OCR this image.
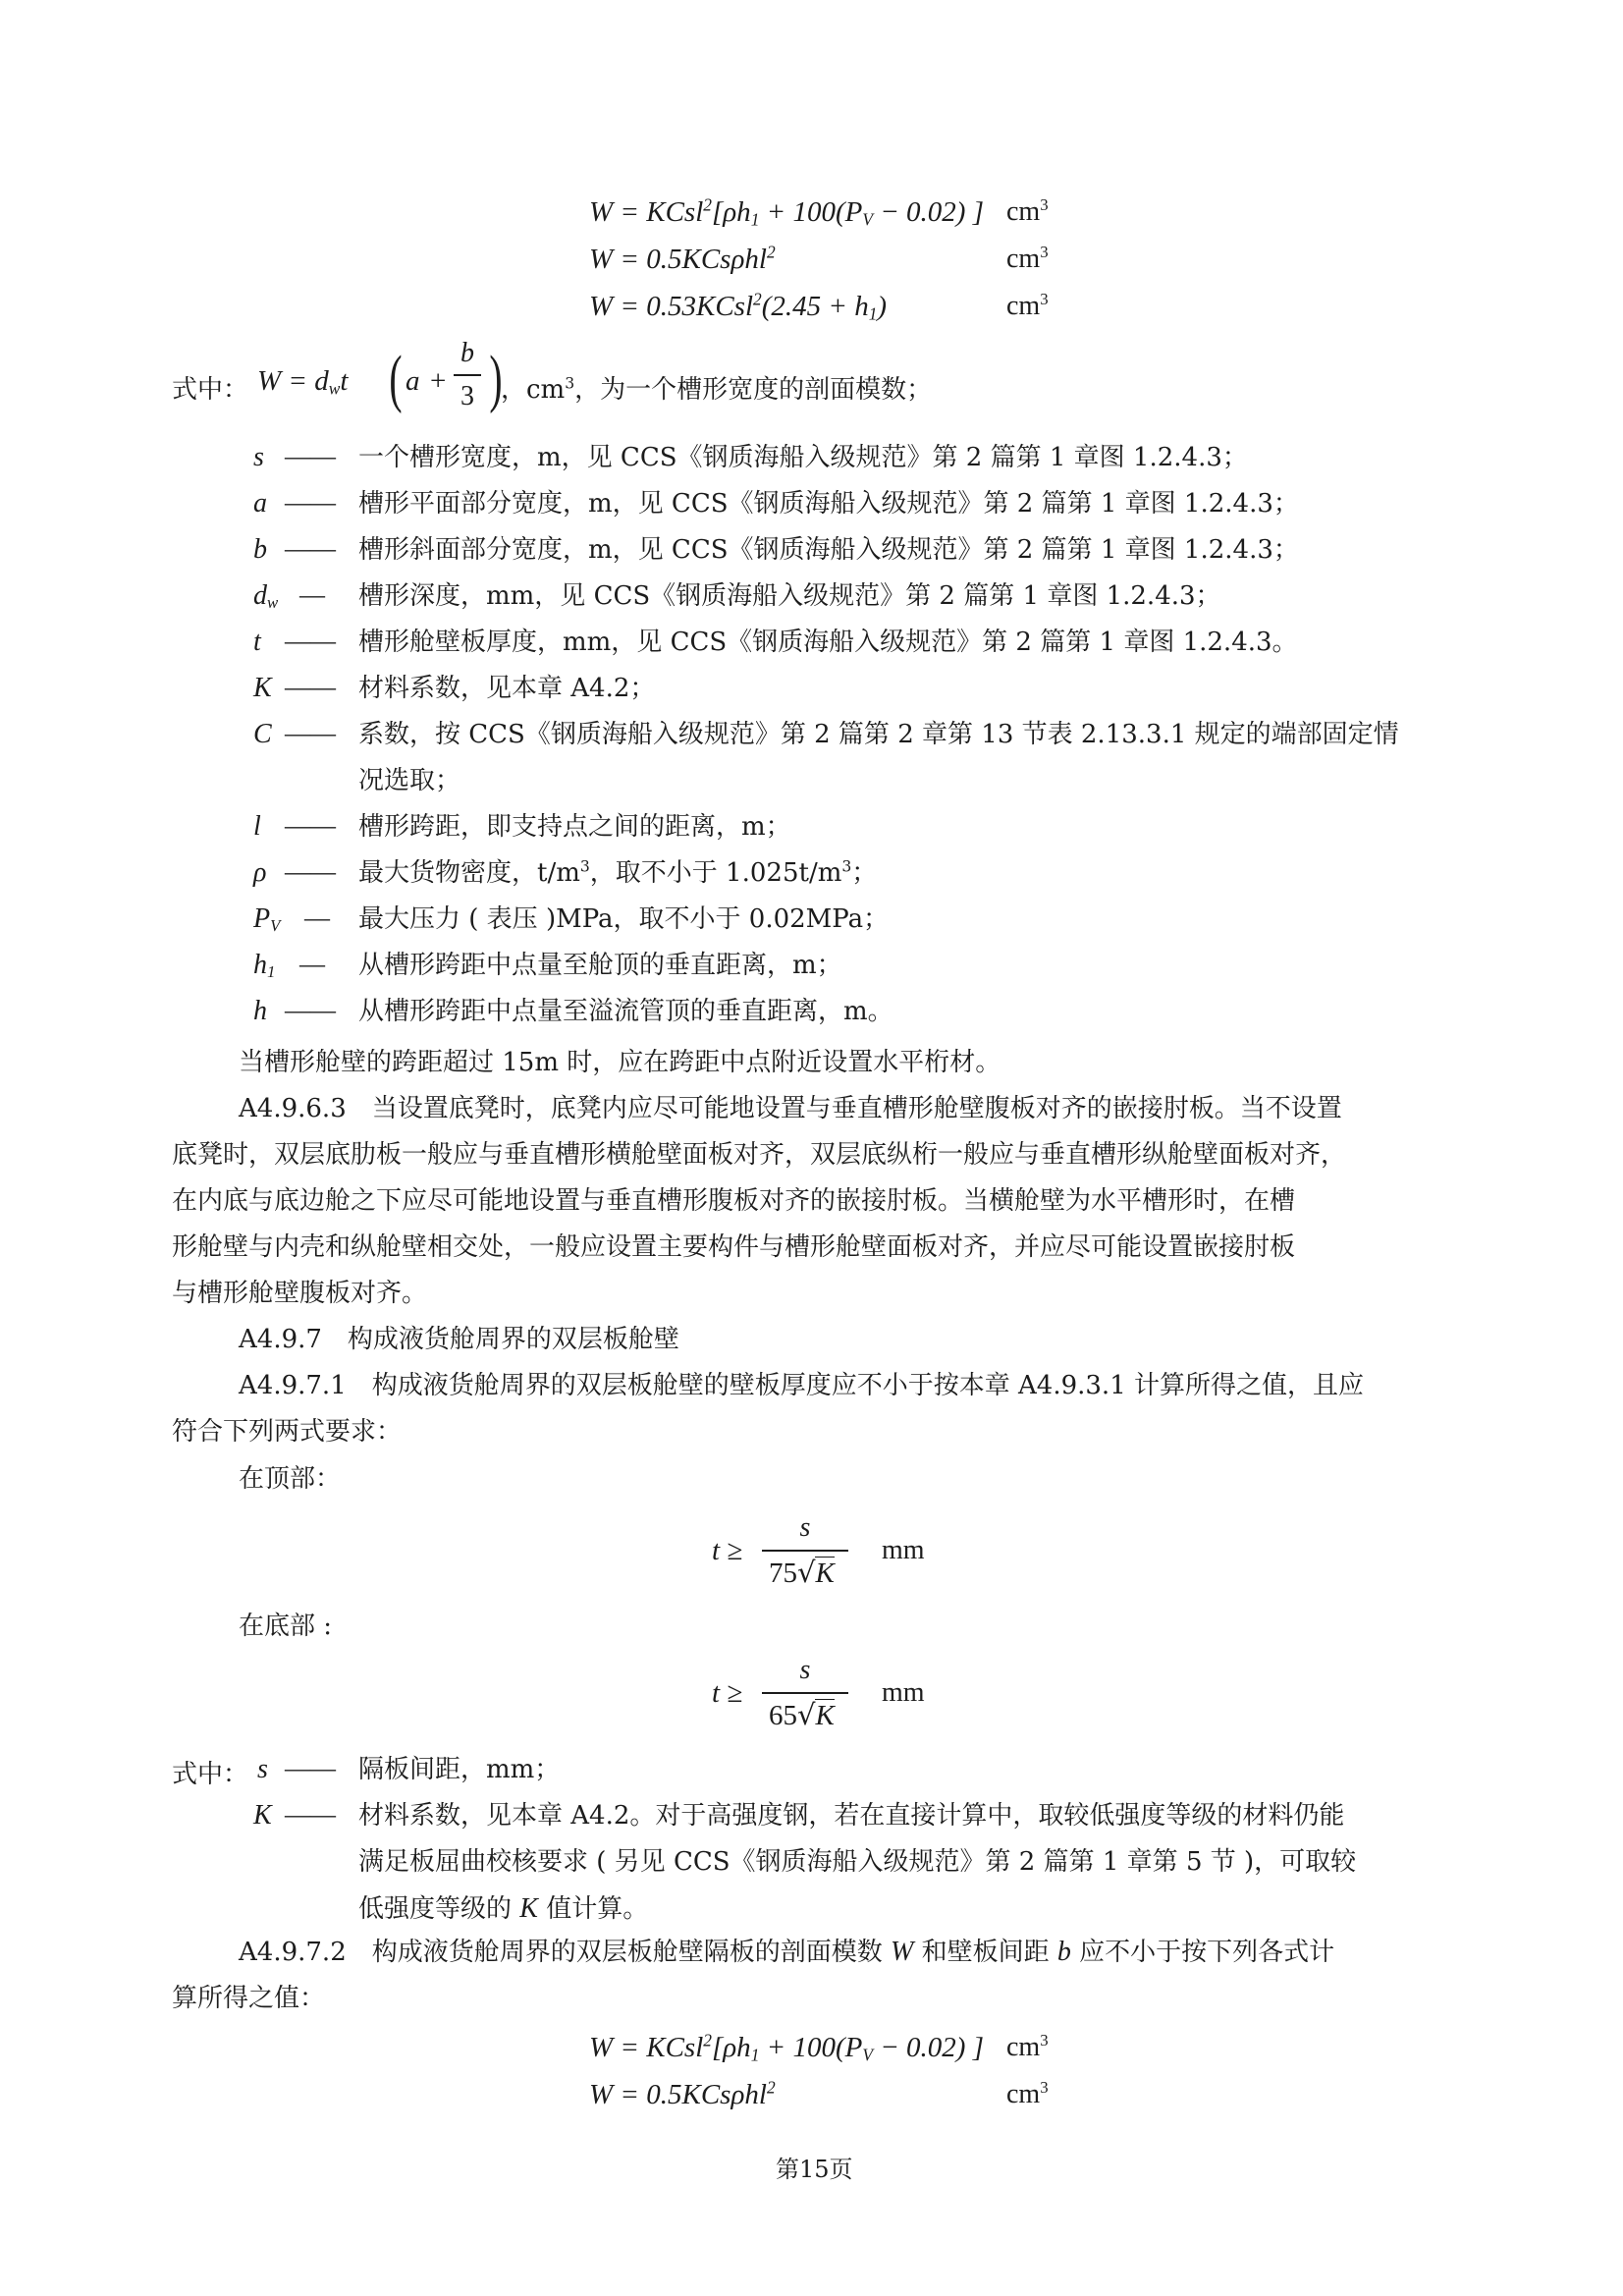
$W = KCsl^2[\rho h_1 + 100(P_V - 0.02)$ ] $cm^3$
W = 0.5KCsρhl$^2$	$cm^3$
W = 0.53KCsl$^2$(2.45 + $h_1$)	$cm^3$
式中： $W = d_wt$ ( a +
b
3 )
，$cm^3$，为一个槽形宽度的剖面模数；
s —— 一个槽形宽度，m，见 CCS《钢质海船入级规范》第 2 篇第 1 章图 1.2.4.3；
a —— 槽形平面部分宽度，m，见 CCS《钢质海船入级规范》第 2 篇第 1 章图 1.2.4.3；
b —— 槽形斜面部分宽度，m，见 CCS《钢质海船入级规范》第 2 篇第 1 章图 1.2.4.3；
$d_w$ — 槽形深度，mm，见 CCS《钢质海船入级规范》第 2 篇第 1 章图 1.2.4.3；
t —— 槽形舱壁板厚度，mm，见 CCS《钢质海船入级规范》第 2 篇第 1 章图 1.2.4.3。
K —— 材料系数，见本章 A4.2；
C —— 系数，按 CCS《钢质海船入级规范》第 2 篇第 2 章第 13 节表 2.13.3.1 规定的端部固定情
况选取；
l —— 槽形跨距，即支持点之间的距离，m；
ρ —— 最大货物密度，$t/m^3$，取不小于 $1.025t/m^3$；
$P_V$ — 最大压力 ( 表压 )MPa，取不小于 0.02MPa；
$h_1$ — 从槽形跨距中点量至舱顶的垂直距离，m；
h —— 从槽形跨距中点量至溢流管顶的垂直距离，m。
当槽形舱壁的跨距超过 15m 时，应在跨距中点附近设置水平桁材。
A4.9.6.3　当设置底凳时，底凳内应尽可能地设置与垂直槽形舱壁腹板对齐的嵌接肘板。当不设置
底凳时，双层底肋板一般应与垂直槽形横舱壁面板对齐，双层底纵桁一般应与垂直槽形纵舱壁面板对齐，
在内底与底边舱之下应尽可能地设置与垂直槽形腹板对齐的嵌接肘板。当横舱壁为水平槽形时，在槽
形舱壁与内壳和纵舱壁相交处，一般应设置主要构件与槽形舱壁面板对齐，并应尽可能设置嵌接肘板
与槽形舱壁腹板对齐。
A4.9.7　构成液货舱周界的双层板舱壁
A4.9.7.1　构成液货舱周界的双层板舱壁的壁板厚度应不小于按本章 A4.9.3.1 计算所得之值，且应
符合下列两式要求：
在顶部：
t ≥
s
75√K
mm
在底部 :
t ≥
s
65√K
mm
式中： s —— 隔板间距，mm；
K —— 材料系数，见本章 A4.2。对于高强度钢，若在直接计算中，取较低强度等级的材料仍能
满足板屈曲校核要求 ( 另见 CCS《钢质海船入级规范》第 2 篇第 1 章第 5 节 )，可取较
低强度等级的 K 值计算。
A4.9.7.2　构成液货舱周界的双层板舱壁隔板的剖面模数 W 和壁板间距 b 应不小于按下列各式计
算所得之值：
$W = KCsl^2[\rho h_1 + 100(P_V - 0.02)$ ] $cm^3$
W = 0.5KCsρhl$^2$	$cm^3$
第15页
